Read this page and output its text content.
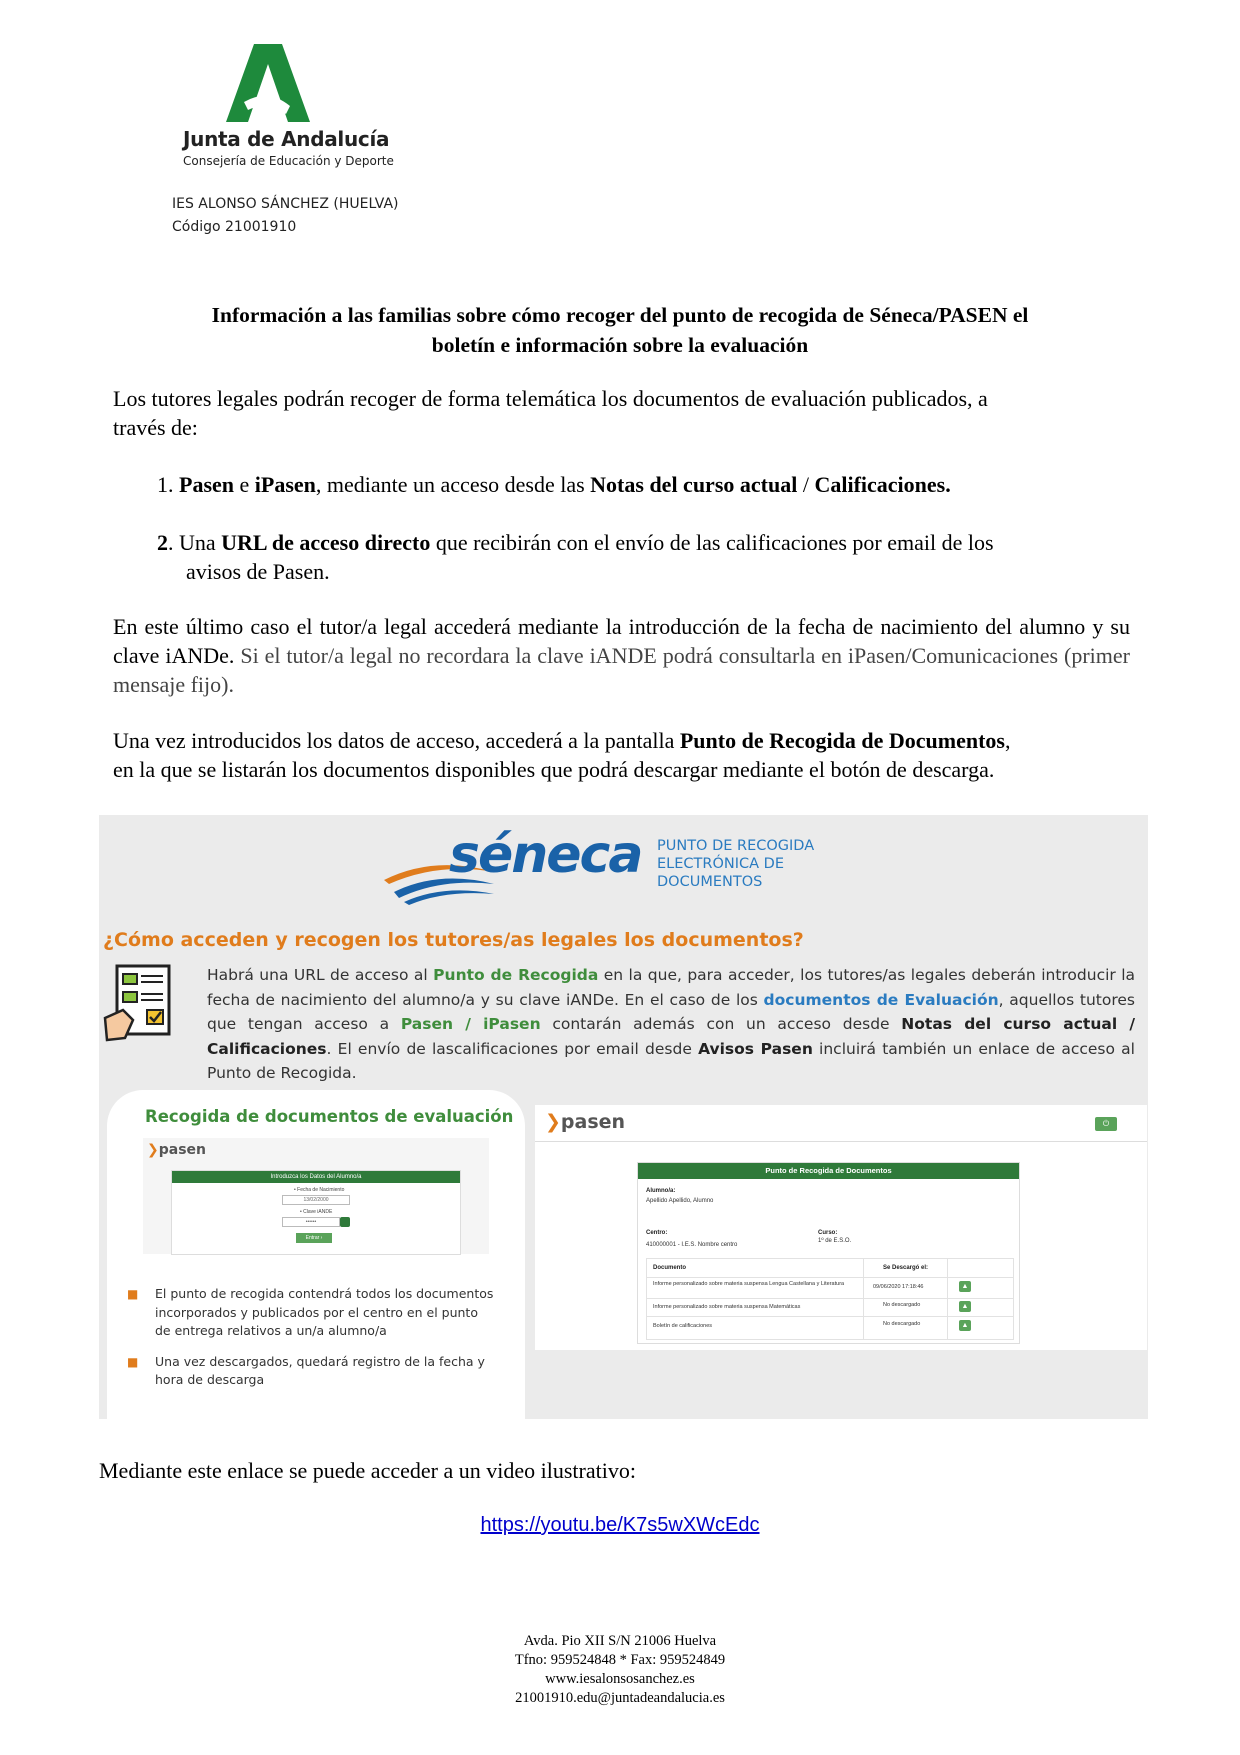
Junta de Andalucía
Consejería de Educación y Deporte
IES ALONSO SÁNCHEZ (HUELVA)
Código 21001910
Información a las familias sobre cómo recoger del punto de recogida de Séneca/PASEN el
boletín e información sobre la evaluación
Los tutores legales podrán recoger de forma telemática los documentos de evaluación publicados, a
través de:
1. Pasen e iPasen, mediante un acceso desde las Notas del curso actual / Calificaciones.
2. Una URL de acceso directo que recibirán con el envío de las calificaciones por email de los
avisos de Pasen.
En este último caso el tutor/a legal accederá mediante la introducción de la fecha de nacimiento del alumno y su clave iANDe. Si el tutor/a legal no recordara la clave iANDE podrá consultarla en iPasen/Comunicaciones (primer mensaje fijo).
Una vez introducidos los datos de acceso, accederá a la pantalla Punto de Recogida de Documentos,
en la que se listarán los documentos disponibles que podrá descargar mediante el botón de descarga.
séneca PUNTO DE RECOGIDA
ELECTRÓNICA DE
DOCUMENTOS
¿Cómo acceden y recogen los tutores/as legales los documentos?
Habrá una URL de acceso al Punto de Recogida en la que, para acceder, los tutores/as legales deberán introducir la fecha de nacimiento del alumno/a y su clave iANDe. En el caso de los documentos de Evaluación, aquellos tutores que tengan acceso a Pasen / iPasen contarán además con un acceso desde Notas del curso actual / Calificaciones. El envío de lascalificaciones por email desde Avisos Pasen incluirá también un enlace de acceso al Punto de Recogida.
Recogida de documentos de evaluación
❯pasen
Introduzca los Datos del Alumno/a
• Fecha de Nacimiento
13/02/2000
• Clave iANDE
••••••
Entrar ›
■ El punto de recogida contendrá todos los documentos incorporados y publicados por el centro en el punto de entrega relativos a un/a alumno/a
■ Una vez descargados, quedará registro de la fecha y hora de descarga
❯pasen	⏻
Punto de Recogida de Documentos
Alumno/a:
Apellido Apellido, Alumno
Centro:
410000001 - I.E.S. Nombre centro
Curso:
1º de E.S.O.
Documento	Se Descargó el:
Informe personalizado sobre materia suspensa Lengua Castellana y Literatura	09/06/2020 17:18:46	▲
Informe personalizado sobre materia suspensa Matemáticas	No descargado	▲
Boletín de calificaciones	No descargado	▲
Mediante este enlace se puede acceder a un video ilustrativo:
https://youtu.be/K7s5wXWcEdc
Avda. Pio XII S/N 21006 Huelva
Tfno: 959524848 * Fax: 959524849
www.iesalonsosanchez.es
21001910.edu@juntadeandalucia.es
